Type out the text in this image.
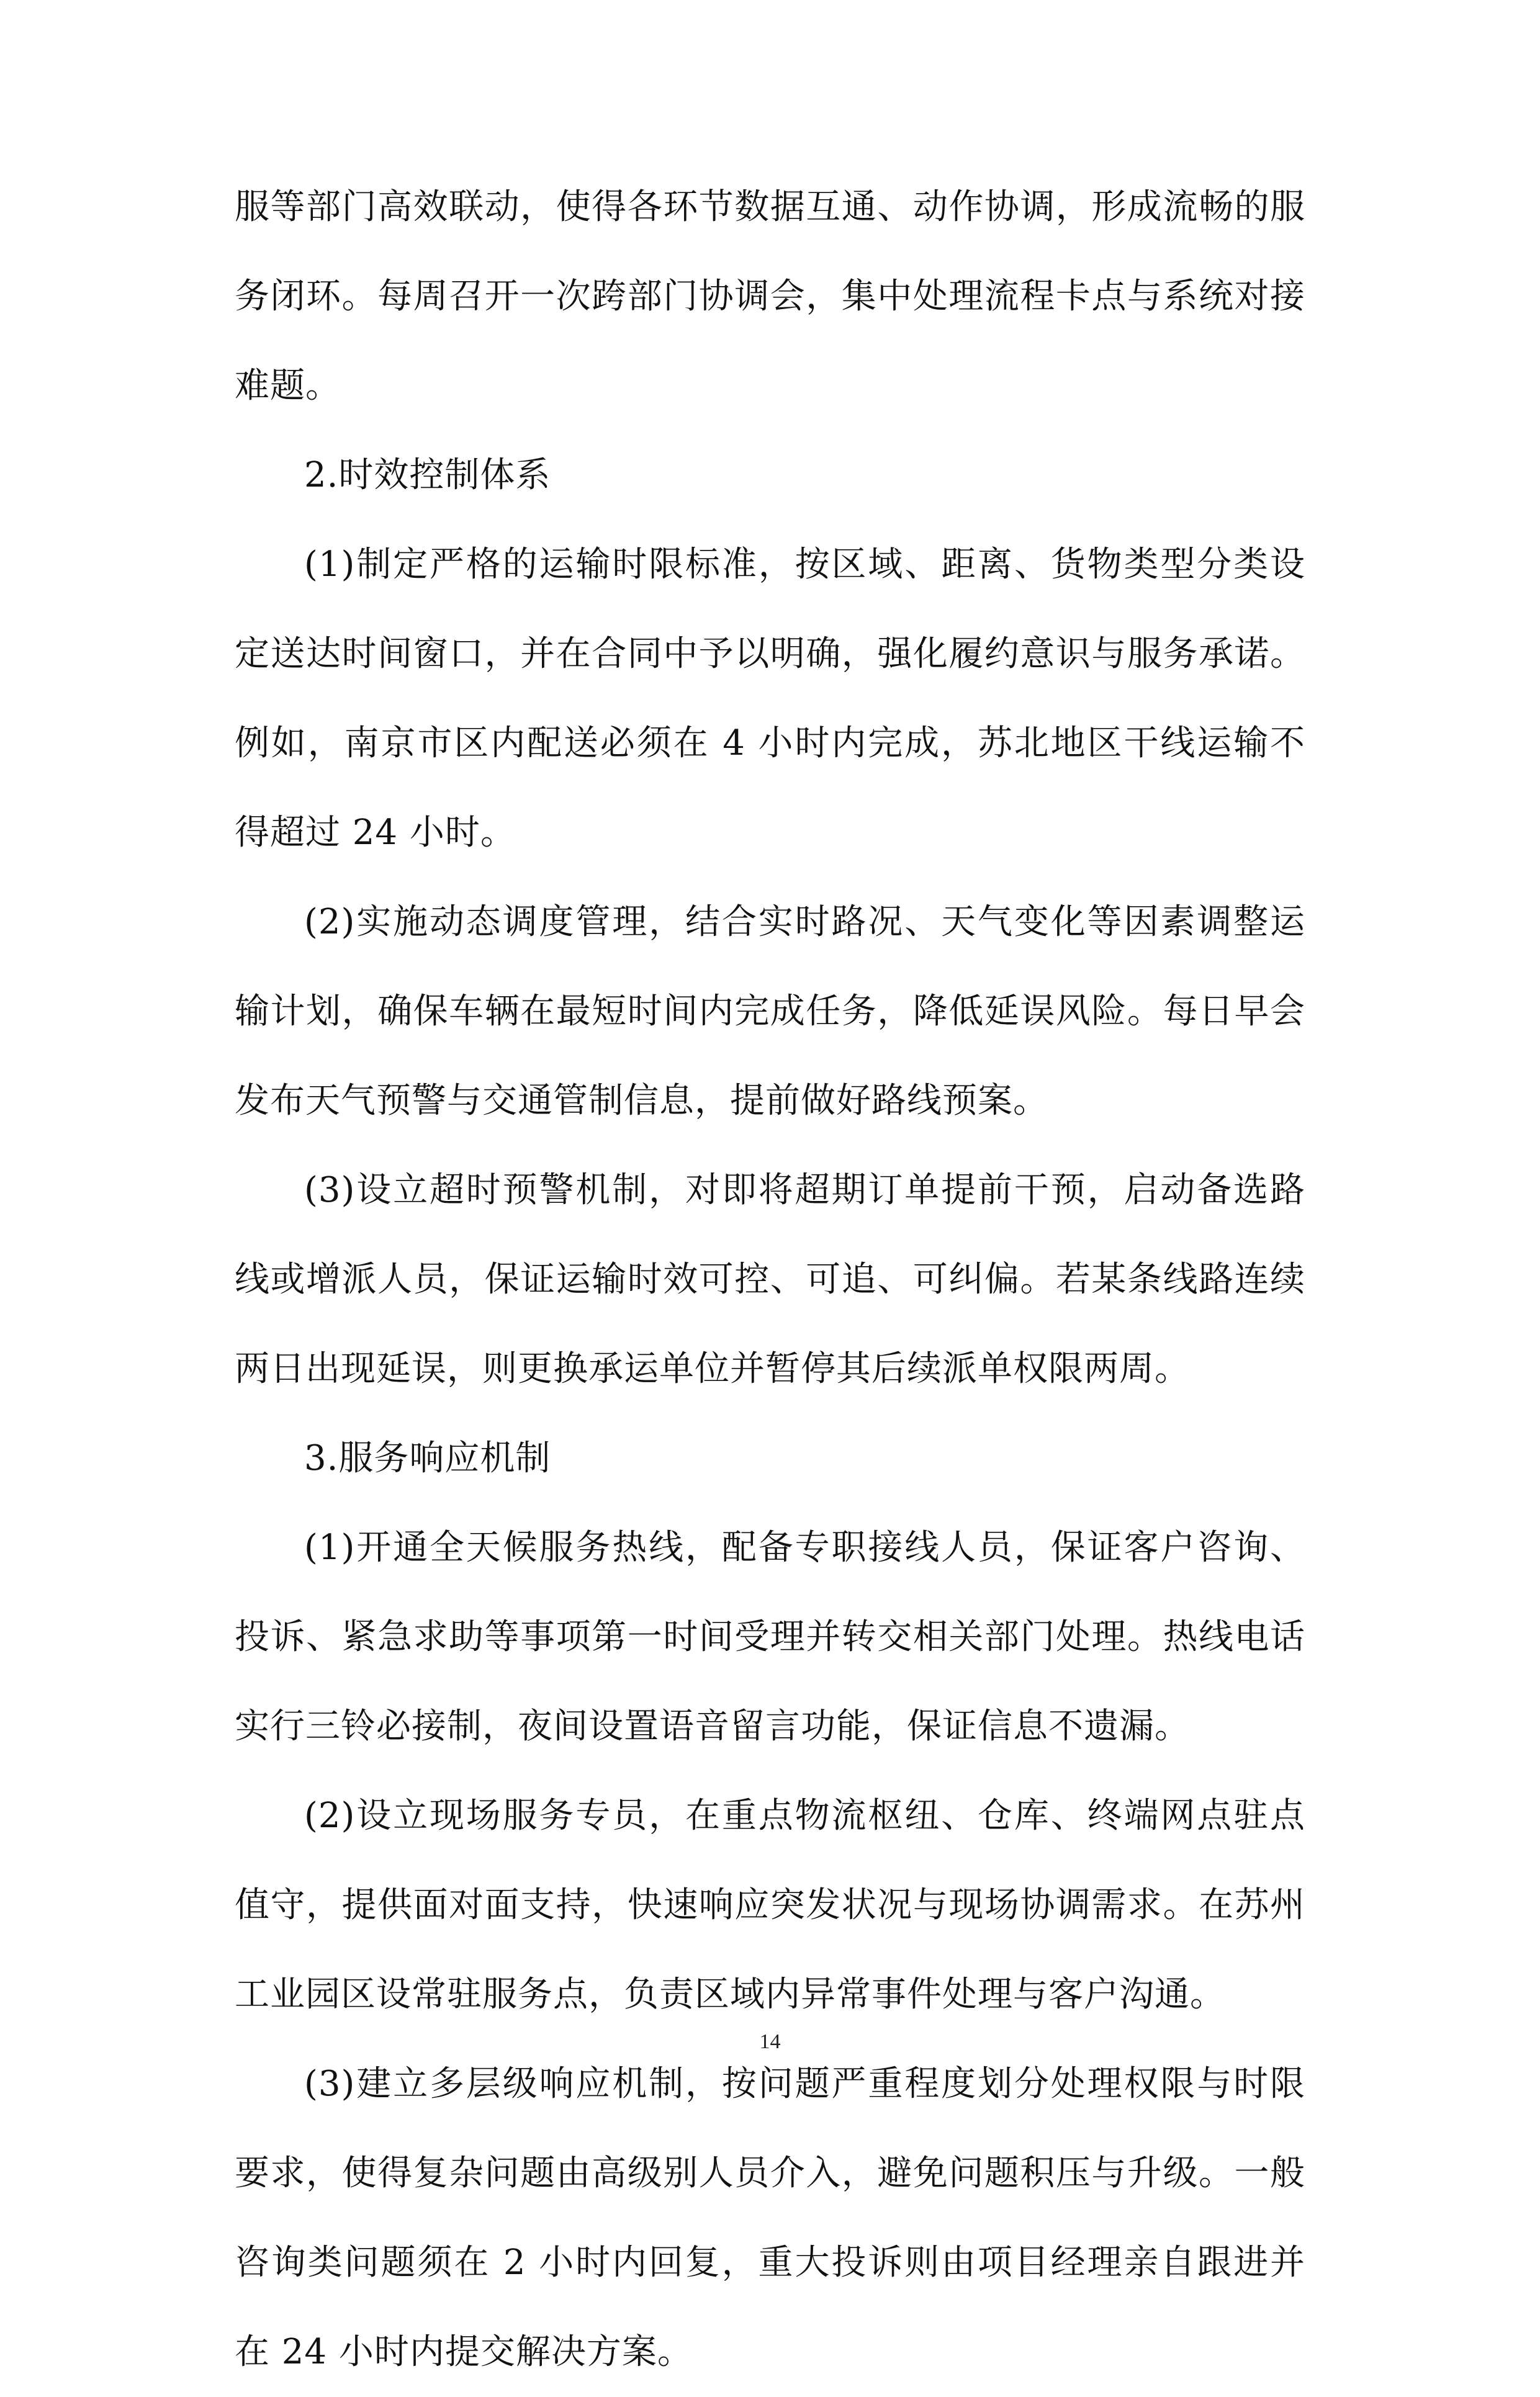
服等部门高效联动，使得各环节数据互通、动作协调，形成流畅的服务闭环。每周召开一次跨部门协调会，集中处理流程卡点与系统对接难题。

2.时效控制体系

(1)制定严格的运输时限标准，按区域、距离、货物类型分类设定送达时间窗口，并在合同中予以明确，强化履约意识与服务承诺。例如，南京市区内配送必须在 4 小时内完成，苏北地区干线运输不得超过 24 小时。

(2)实施动态调度管理，结合实时路况、天气变化等因素调整运输计划，确保车辆在最短时间内完成任务，降低延误风险。每日早会发布天气预警与交通管制信息，提前做好路线预案。

(3)设立超时预警机制，对即将超期订单提前干预，启动备选路线或增派人员，保证运输时效可控、可追、可纠偏。若某条线路连续两日出现延误，则更换承运单位并暂停其后续派单权限两周。

3.服务响应机制

(1)开通全天候服务热线，配备专职接线人员，保证客户咨询、投诉、紧急求助等事项第一时间受理并转交相关部门处理。热线电话实行三铃必接制，夜间设置语音留言功能，保证信息不遗漏。

(2)设立现场服务专员，在重点物流枢纽、仓库、终端网点驻点值守，提供面对面支持，快速响应突发状况与现场协调需求。在苏州工业园区设常驻服务点，负责区域内异常事件处理与客户沟通。

(3)建立多层级响应机制，按问题严重程度划分处理权限与时限要求，使得复杂问题由高级别人员介入，避免问题积压与升级。一般咨询类问题须在 2 小时内回复，重大投诉则由项目经理亲自跟进并在 24 小时内提交解决方案。

14
